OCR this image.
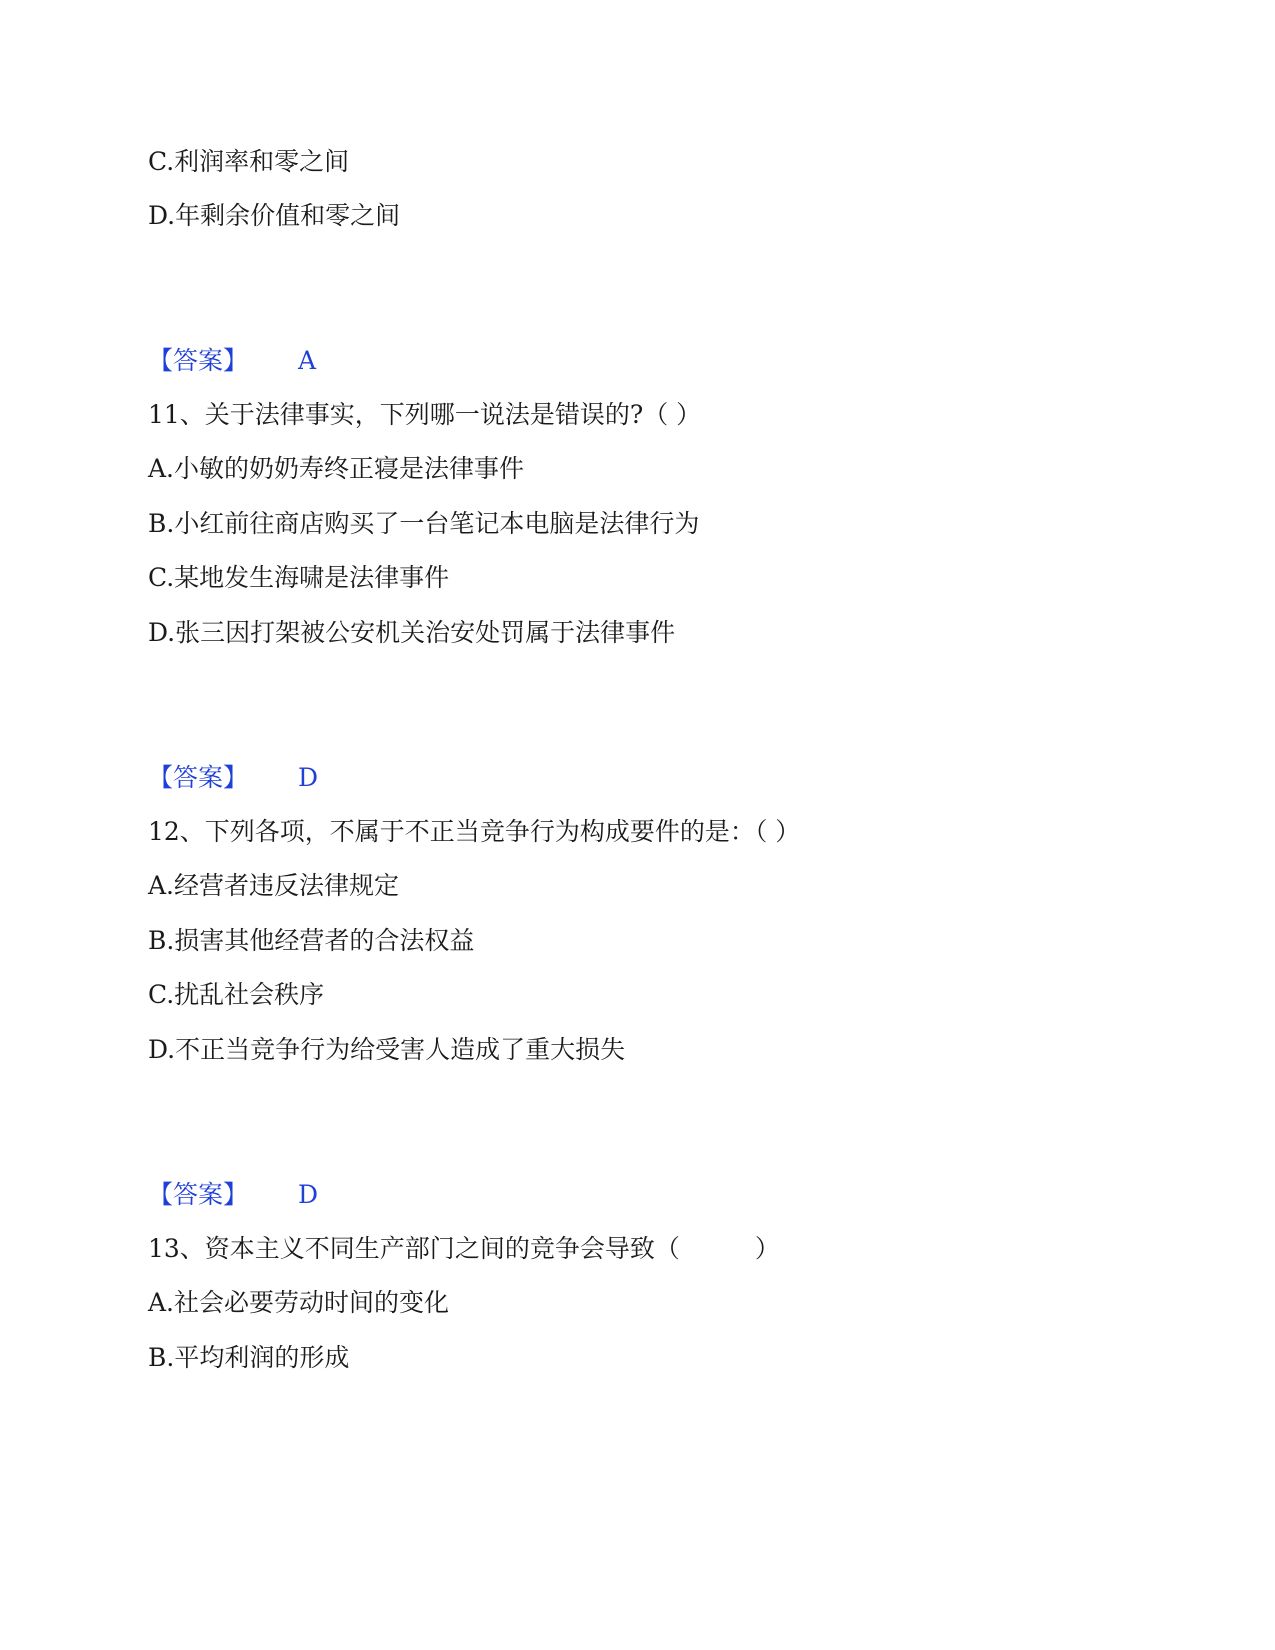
C.利润率和零之间
D.年剩余价值和零之间
【答案】 A
11、关于法律事实，下列哪一说法是错误的?（ ）
A.小敏的奶奶寿终正寝是法律事件
B.小红前往商店购买了一台笔记本电脑是法律行为
C.某地发生海啸是法律事件
D.张三因打架被公安机关治安处罚属于法律事件
【答案】 D
12、下列各项，不属于不正当竞争行为构成要件的是：（ ）
A.经营者违反法律规定
B.损害其他经营者的合法权益
C.扰乱社会秩序
D.不正当竞争行为给受害人造成了重大损失
【答案】 D
13、资本主义不同生产部门之间的竞争会导致（　　　）
A.社会必要劳动时间的变化
B.平均利润的形成
